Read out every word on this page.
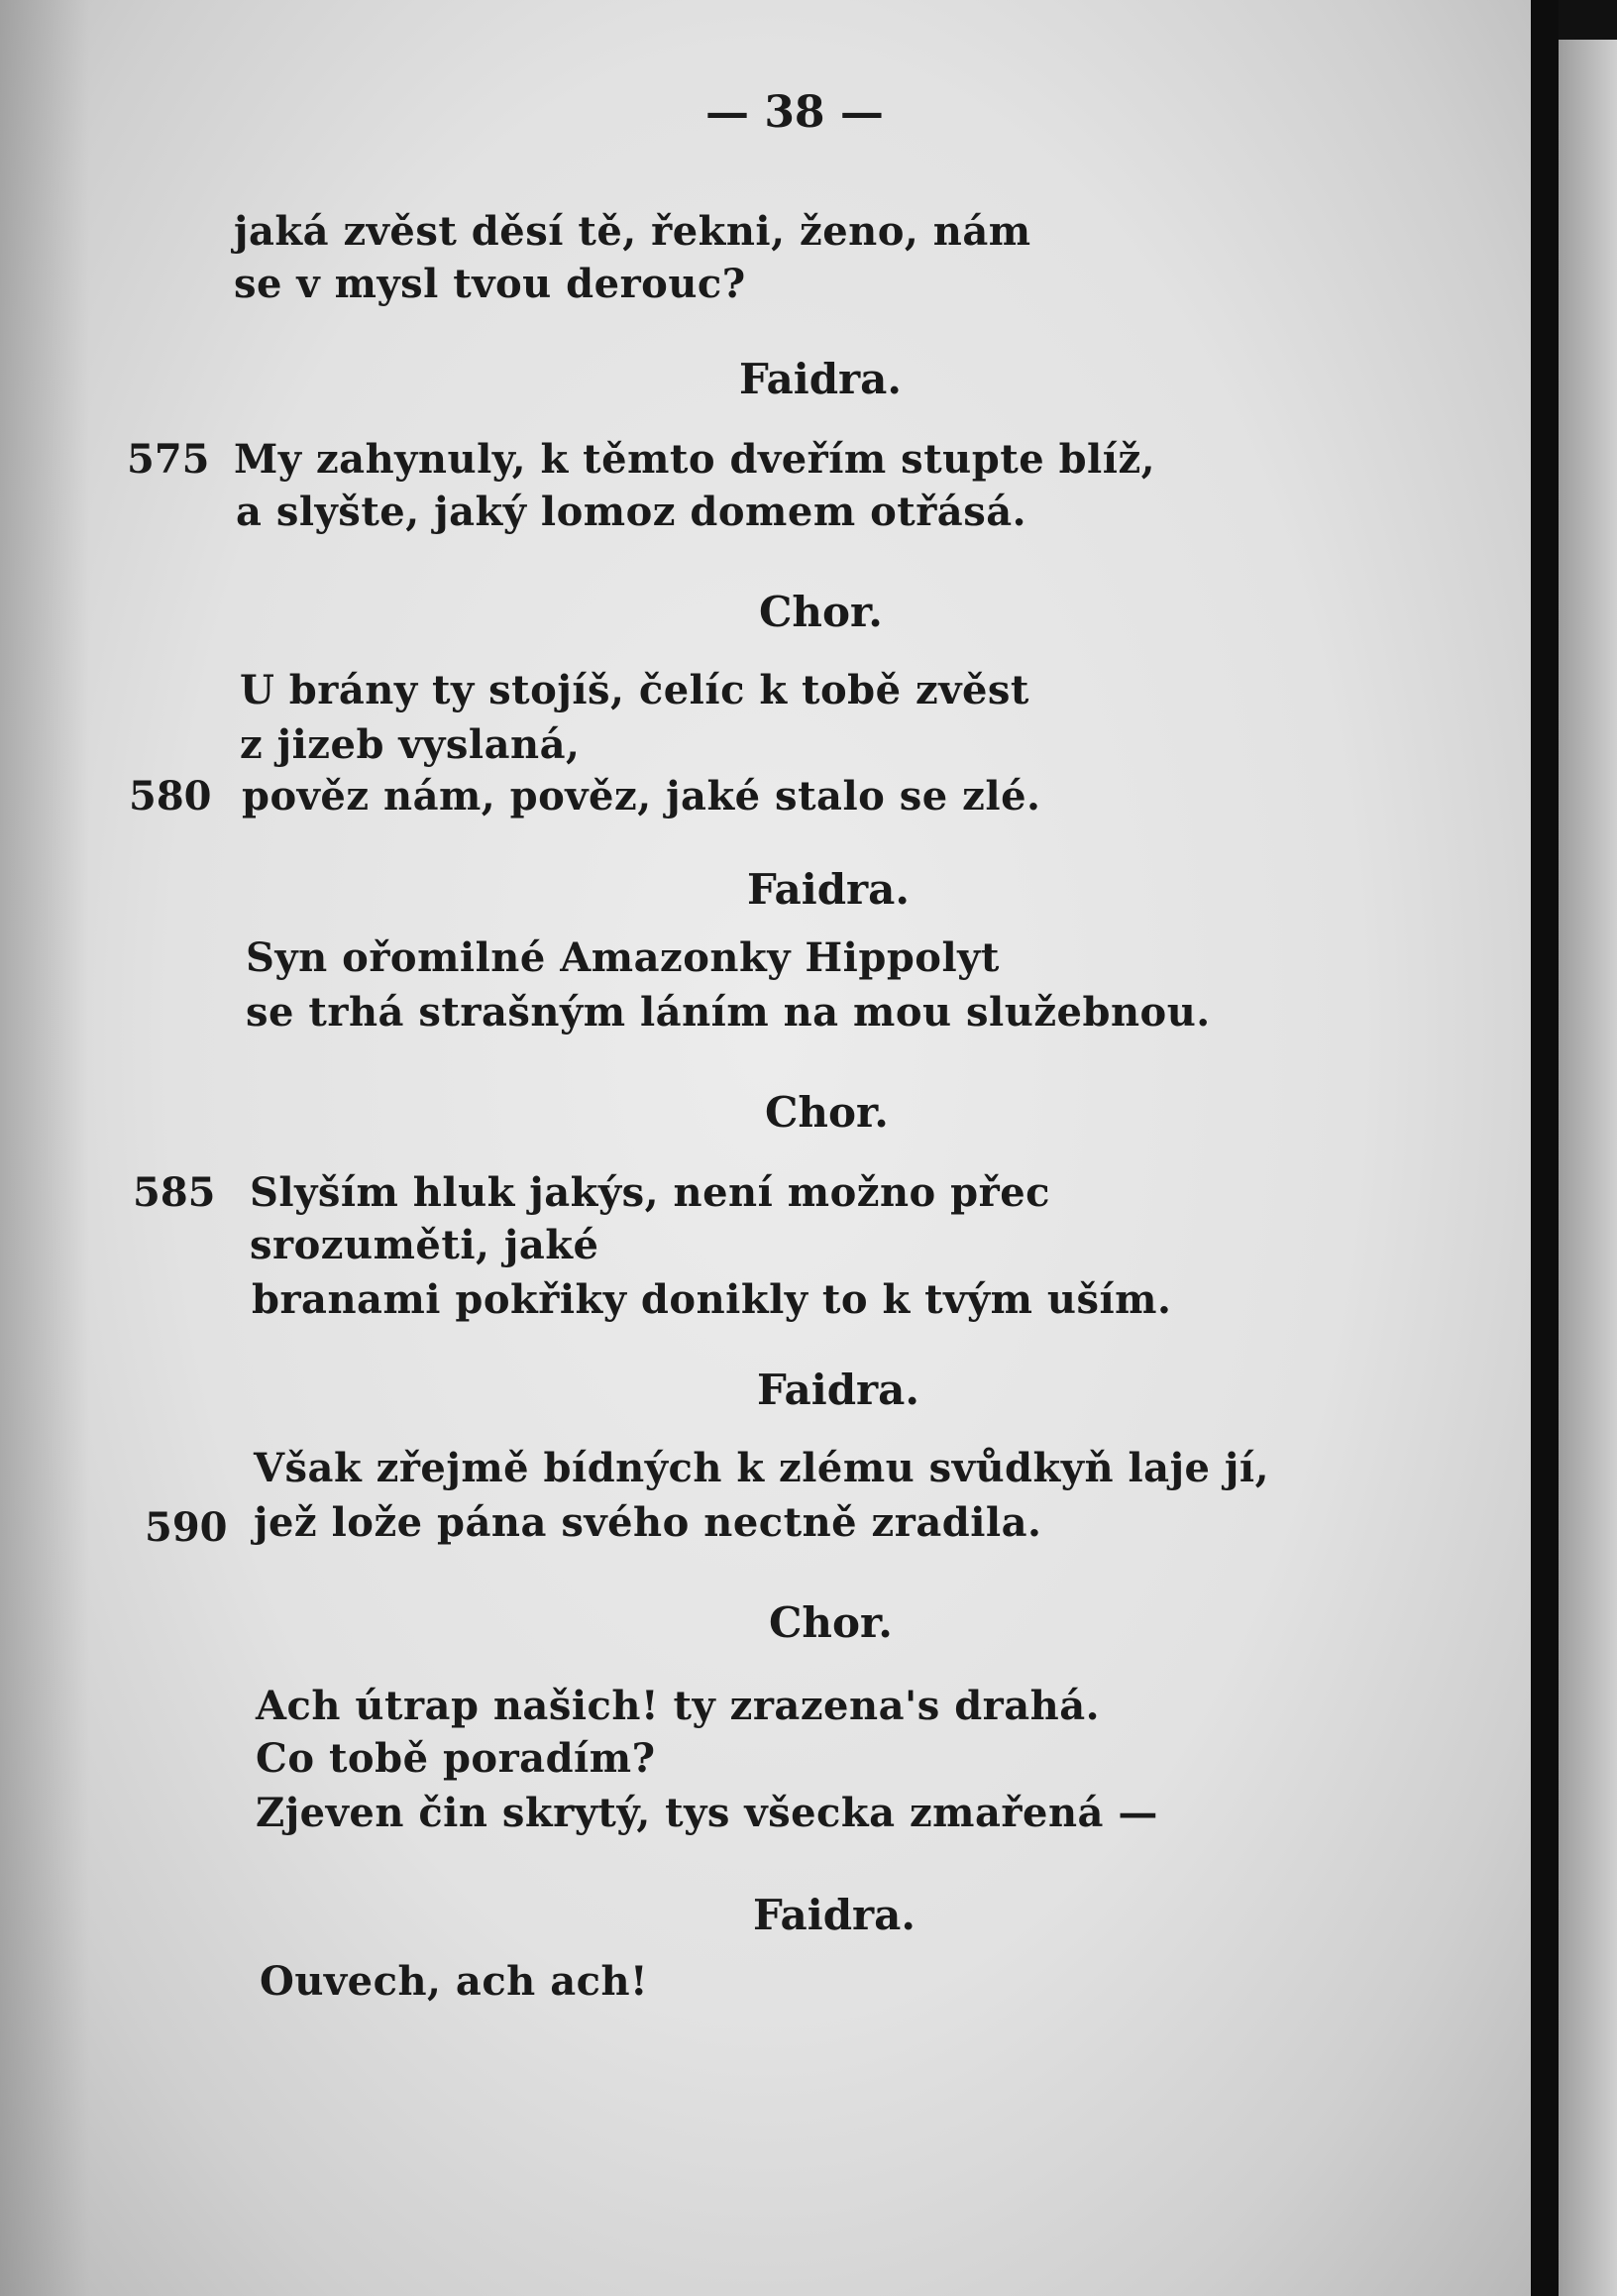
— 38 —
jaká zvěst děsí tě, řekni, ženo, nám
se v mysl tvou derouc?
Faidra.
575 My zahynuly, k těmto dveřím stupte blíž,
a slyšte, jaký lomoz domem otřásá.
Chor.
U brány ty stojíš, čelíc k tobě zvěst
z jizeb vyslaná,
580 pověz nám, pověz, jaké stalo se zlé.
Faidra.
Syn ořomilné Amazonky Hippolyt
se trhá strašným láním na mou služebnou.
Chor.
585 Slyším hluk jakýs, není možno přec
srozuměti, jaké
branami pokřiky donikly to k tvým uším.
Faidra.
Však zřejmě bídných k zlému svůdkyň laje jí,
590 jež lože pána svého nectně zradila.
Chor.
Ach útrap našich! ty zrazena's drahá.
Co tobě poradím?
Zjeven čin skrytý, tys všecka zmařená —
Faidra.
Ouvech, ach ach!
